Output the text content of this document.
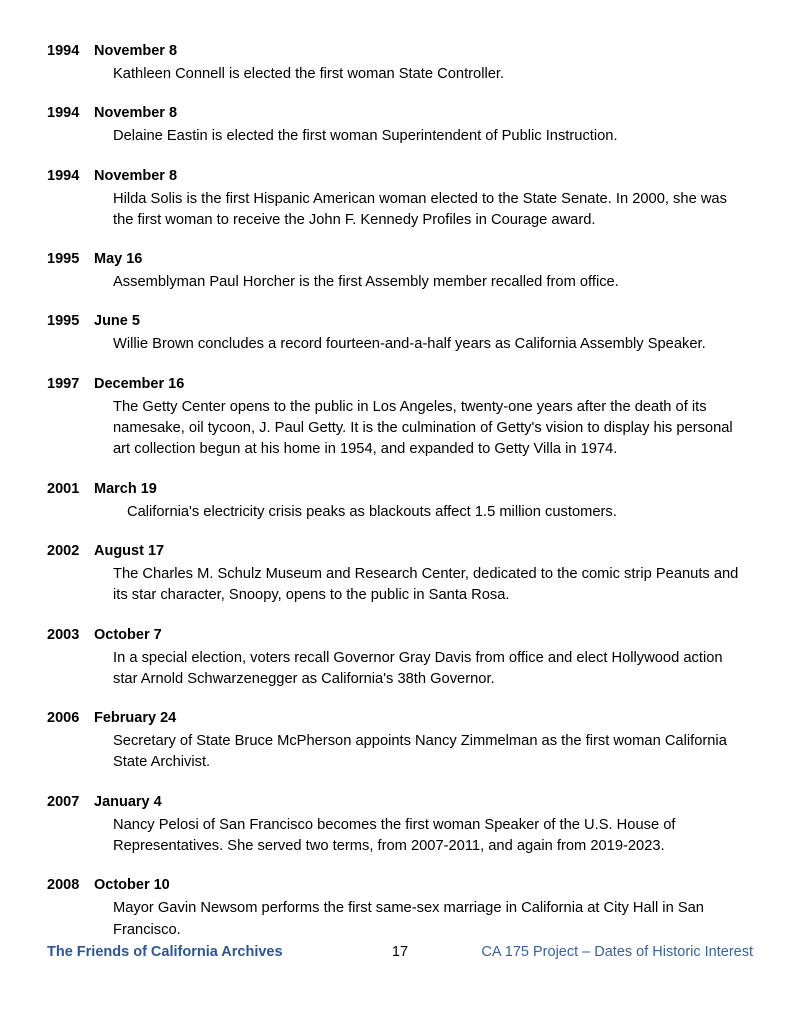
1994 November 8

Kathleen Connell is elected the first woman State Controller.

1994 November 8

Delaine Eastin is elected the first woman Superintendent of Public Instruction.

1994 November 8

Hilda Solis is the first Hispanic American woman elected to the State Senate. In 2000, she was the first woman to receive the John F. Kennedy Profiles in Courage award.

1995 May 16

Assemblyman Paul Horcher is the first Assembly member recalled from office.

1995 June 5

Willie Brown concludes a record fourteen-and-a-half years as California Assembly Speaker.

1997 December 16

The Getty Center opens to the public in Los Angeles, twenty-one years after the death of its namesake, oil tycoon, J. Paul Getty. It is the culmination of Getty's vision to display his personal art collection begun at his home in 1954, and expanded to Getty Villa in 1974.

2001 March 19

California's electricity crisis peaks as blackouts affect 1.5 million customers.

2002 August 17

The Charles M. Schulz Museum and Research Center, dedicated to the comic strip Peanuts and its star character, Snoopy, opens to the public in Santa Rosa.

2003 October 7

In a special election, voters recall Governor Gray Davis from office and elect Hollywood action star Arnold Schwarzenegger as California's 38th Governor.

2006 February 24

Secretary of State Bruce McPherson appoints Nancy Zimmelman as the first woman California State Archivist.

2007 January 4

Nancy Pelosi of San Francisco becomes the first woman Speaker of the U.S. House of Representatives. She served two terms, from 2007-2011, and again from 2019-2023.

2008 October 10

Mayor Gavin Newsom performs the first same-sex marriage in California at City Hall in San Francisco.

The Friends of California Archives	17	CA 175 Project – Dates of Historic Interest
